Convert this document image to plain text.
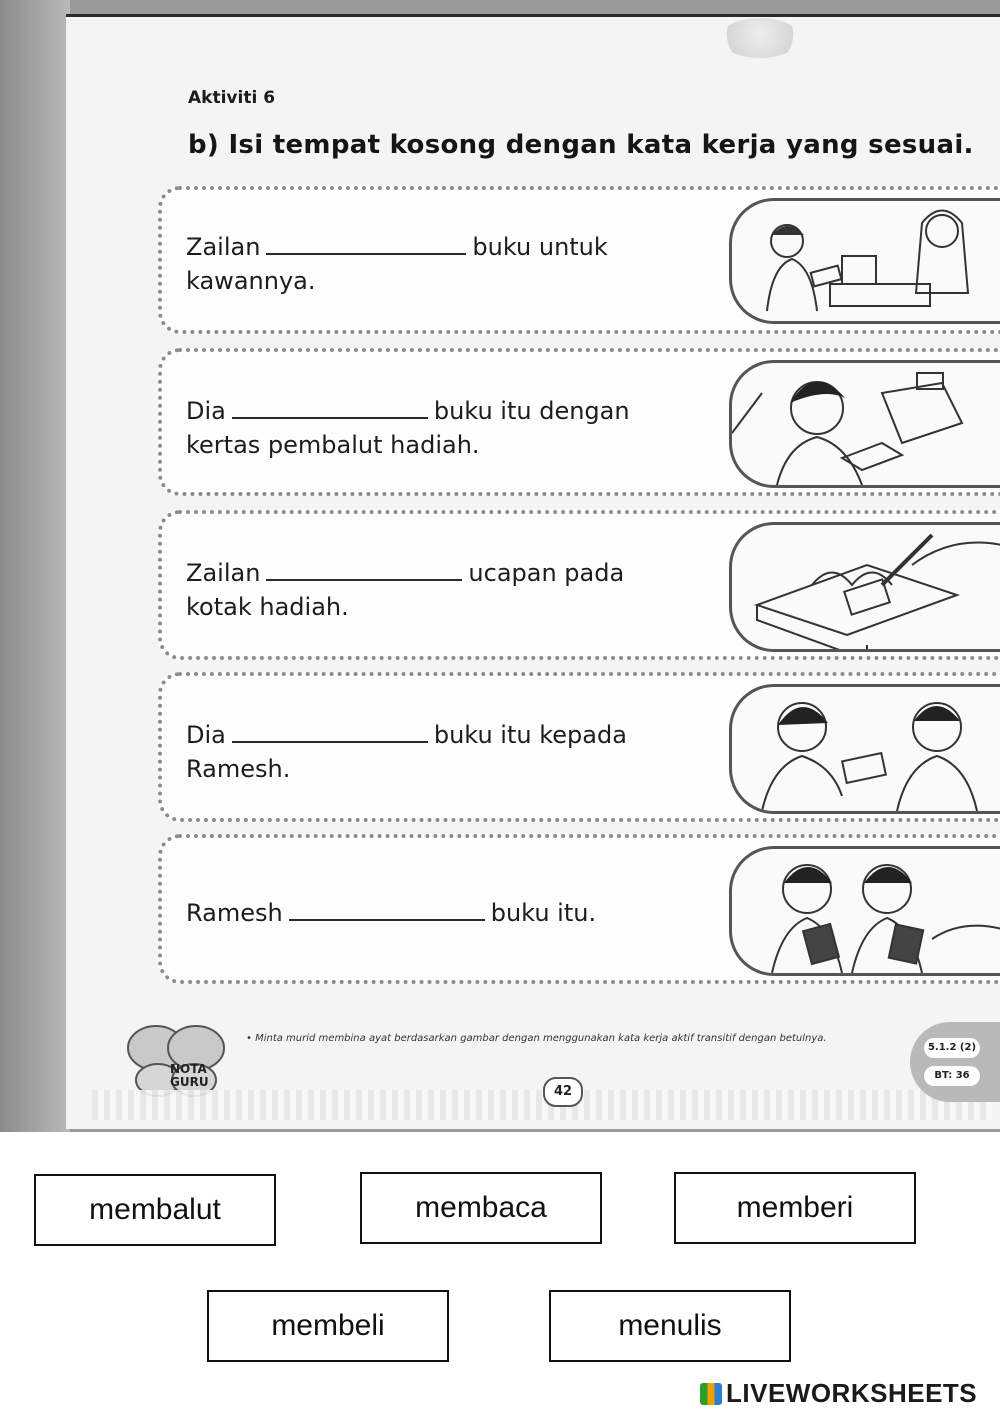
Aktiviti 6
b) Isi tempat kosong dengan kata kerja yang sesuai.
Zailan	buku untuk
kawannya.
Dia	buku itu dengan
kertas pembalut hadiah.
Zailan	ucapan pada
kotak hadiah.
Dia	buku itu kepada
Ramesh.
Ramesh	buku itu.
NOTA
GURU
• Minta murid membina ayat berdasarkan gambar dengan menggunakan kata kerja aktif transitif dengan betulnya.
42
5.1.2 (2)
BT: 36
membalut	membaca	memberi
membeli	menulis
LIVEWORKSHEETS
